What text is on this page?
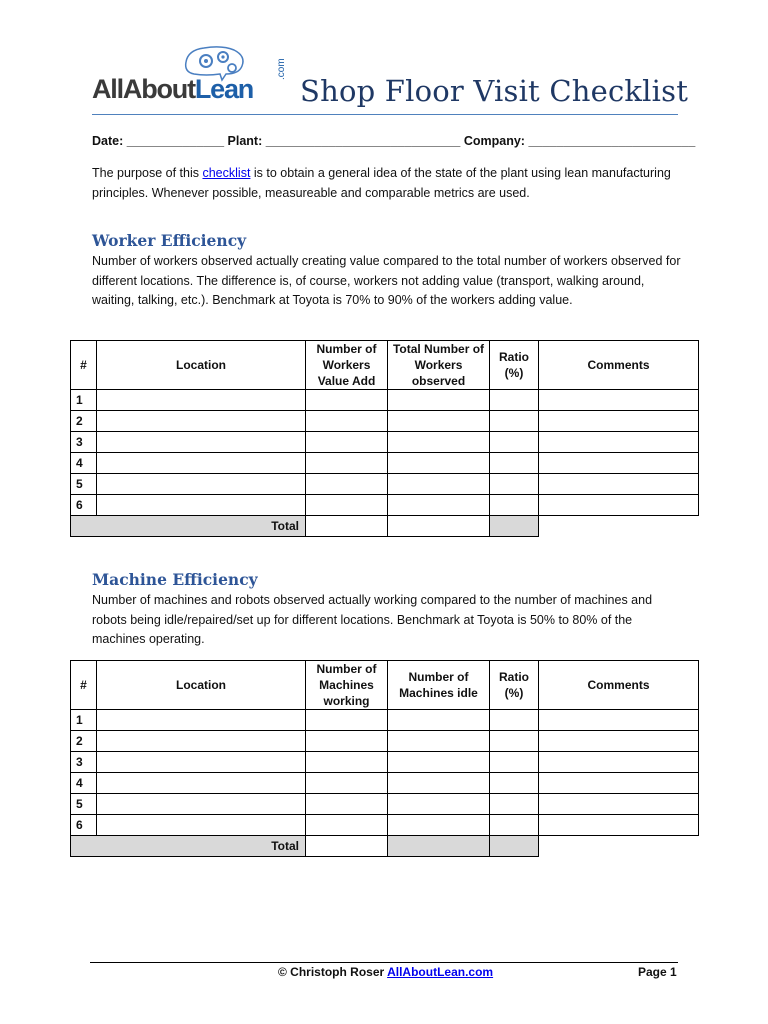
AllAboutLean
.com
Shop Floor Visit Checklist
Date: ______________ Plant: ____________________________ Company: ________________________
The purpose of this checklist is to obtain a general idea of the state of the plant using lean manufacturing principles. Whenever possible, measureable and comparable metrics are used.
Worker Efficiency
Number of workers observed actually creating value compared to the total number of workers observed for different locations. The difference is, of course, workers not adding value (transport, walking around, waiting, talking, etc.). Benchmark at Toyota is 70% to 90% of the workers adding value.
#	Location	Number of Workers Value Add	Total Number of Workers observed	Ratio (%)	Comments
1					
2					
3					
4					
5					
6					
Total					
Machine Efficiency
Number of machines and robots observed actually working compared to the number of machines and robots being idle/repaired/set up for different locations. Benchmark at Toyota is 50% to 80% of the machines operating.
#	Location	Number of Machines working	Number of Machines idle	Ratio (%)	Comments
1					
2					
3					
4					
5					
6					
Total					
© Christoph Roser AllAboutLean.com	Page 1
